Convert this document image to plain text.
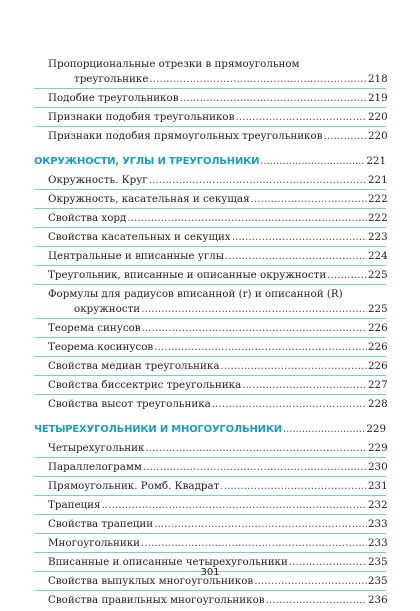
Пропорциональные отрезки в прямоугольном
треугольнике . . .	218
Подобие треугольников . . .	219
Признаки подобия треугольников . . .	220
Признаки подобия прямоугольных треугольников . . .	220
ОКРУЖНОСТИ, УГЛЫ И ТРЕУГОЛЬНИКИ . . .	221
Окружность. Круг . . .	221
Окружность, касательная и секущая . . .	222
Свойства хорд . . .	222
Свойства касательных и секущих . . .	223
Центральные и вписанные углы . . .	224
Треугольник, вписанные и описанные окружности . . .	225
Формулы для радиусов вписанной (r) и описанной (R)
окружности . . .	225
Теорема синусов . . .	226
Теорема косинусов . . .	226
Свойства медиан треугольника . . .	226
Свойства биссектрис треугольника . . .	227
Свойства высот треугольника . . .	228
ЧЕТЫРЕХУГОЛЬНИКИ И МНОГОУГОЛЬНИКИ . . .	229
Четырехугольник . . .	229
Параллелограмм . . .	230
Прямоугольник. Ромб. Квадрат . . .	231
Трапеция . . .	232
Свойства трапеции . . .	233
Многоугольники . . .	233
Вписанные и описанные четырехугольники . . .	235
Свойства выпуклых многоугольников . . .	235
Свойства правильных многоугольников . . .	236
301
